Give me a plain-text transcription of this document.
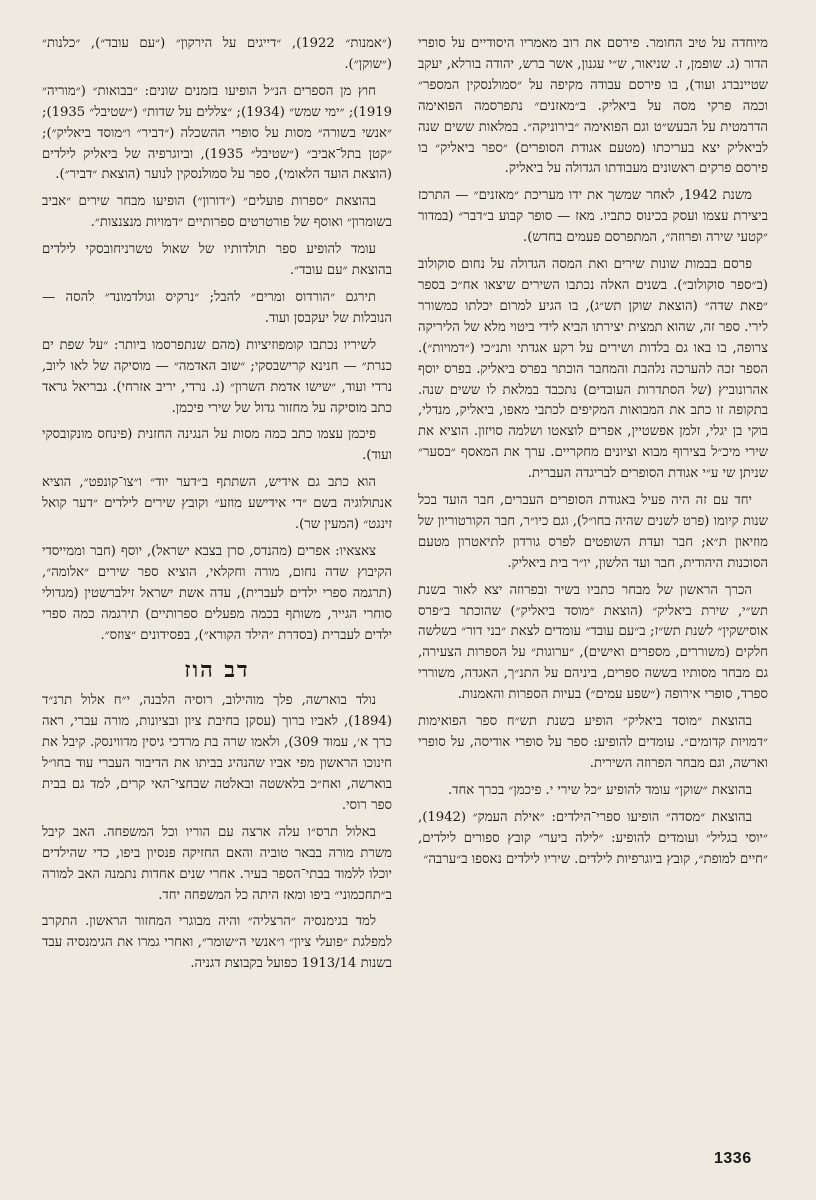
מיוחדה על טיב החומר. פירסם את רוב מאמריו היסודיים על סופרי הדור (ג. שופמן, ז. שניאור, ש״י עגנון, אשר ברש, יהודה בורלא, יעקב שטיינברג ועוד), בו פירסם עבודה מקיפה על ״סמולנסקין המספר״ וכמה פרקי מסה על ביאליק. ב״מאזנים״ נתפרסמה הפואימה הדרמטית על הבעש״ט וגם הפואימה ״בירוניקה״. במלאות ששים שנה לביאליק יצא בעריכתו (מטעם אגודת הסופרים) ״ספר ביאליק״ בו פירסם פרקים ראשונים מעבודתו הגדולה על ביאליק.

משנת 1942, לאחר שמשך את ידו מעריכת ״מאזנים״ — התרכז ביצירת עצמו ועסק בכינוס כתביו. מאז — סופר קבוע ב״דבר״ (במדור ״קטעי שירה ופרוזה״, המתפרסם פעמים בחדש).

פרסם בבמות שונות שירים ואת המסה הגדולה על נחום סוקולוב (ב״ספר סוקולוב״). בשנים האלה נכתבו השירים שיצאו אח״כ בספר ״פאת שדה״ (הוצאת שוקן תש״ג), בו הגיע למרום יכלתו כמשורר לירי. ספר זה, שהוא תמצית יצירתו הביא לידי ביטוי מלא של הליריקה צרופה, בו באו גם בלדות ושירים על רקע אגדתי ותנ״כי (״דמויות״). הספר זכה להערכה נלהבת והמחבר הוכתר בפרס ביאליק. בפרס יוסף אהרונוביץ (של הסתדרות העובדים) נתכבד במלאת לו ששים שנה. בתקופה זו כתב את המבואות המקיפים לכתבי מאפו, ביאליק, מנדלי, בוקי בן יגלי, זלמן אפשטיין, אפרים לוצאטו ושלמה סויזון. הוציא את שירי מיכ״ל בצירוף מבוא וציונים מחקריים. ערך את המאסף ״בסער״ שניתן שי ע״י אגודת הסופרים לבריגדה העברית.

יחד עם זה היה פעיל באגודת הסופרים העברים, חבר הועד בכל שנות קיומו (פרט לשנים שהיה בחו״ל), וגם כיו״ר, חבר הקורטוריון של מוזיאון ת״א; חבר ועדת השופטים לפרס גורדון לתיאטרון מטעם הסוכנות היהודית, חבר ועד הלשון, יו״ר בית ביאליק.

הכרך הראשון של מבחר כתביו בשיר ובפרוזה יצא לאור בשנת תש״י, שירת ביאליק״ (הוצאת ״מוסד ביאליק״) שהוכתר ב״פרס אוסישקין״ לשנת תש״ז; ב״עם עובד״ עומדים לצאת ״בני דור״ בשלשה חלקים (משוררים, מספרים ואישים), ״ערוגות״ על הספרות הצעירה, גם מבחר מסותיו בששה ספרים, ביניהם על התנ״ך, האגדה, משוררי ספרד, סופרי אירופה (״שפע עמים״) בעיות הספרות והאמנות.

בהוצאת ״מוסד ביאליק״ הופיע בשנת תש״ח ספר הפואימות ״דמויות קדומים״. עומדים להופיע: ספר על סופרי אודיסה, על סופרי וארשה, וגם מבחר הפרוזה השירית.

בהוצאת ״שוקן״ עומד להופיע ״כל שירי י. פיכמן״ בכרך אחד.

בהוצאת ״מסדה״ הופיעו ספרי־הילדים: ״אילת העמק״ (1942), ״יוסי בגליל״ ועומדים להופיע: ״לילה ביער״ קובץ ספורים לילדים, ״חיים למופת״, קובץ ביוגרפיות לילדים. שיריו לילדים נאספו ב״ערבה״

(״אמנות״ 1922), ״דייגים על הירקון״ (״עם עובד״), ״כלנות״ (״שוקן״).

חוץ מן הספרים הנ״ל הופיעו בזמנים שונים: ״בבואות״ (״מוריה״ 1919); ״ימי שמש״ (1934); ״צללים על שדות״ (״שטיבל״ 1935); ״אנשי בשורה״ מסות על סופרי ההשכלה (״דביר״ ו״מוסד ביאליק״); ״קטן בתל־אביב״ (״שטיבל״ 1935), וביוגרפיה של ביאליק לילדים (הוצאת הועד הלאומי), ספר על סמולנסקין לנוער (הוצאת ״דביר״).

בהוצאת ״ספרות פועלים״ (״דורון״) הופיעו מבחר שירים ״אביב בשומרון״ ואוסף של פורטרטים ספרותיים ״דמויות מנצנצות״.

עומד להופיע ספר תולדותיו של שאול טשרניחובסקי לילדים בהוצאת ״עם עובד״.

תירגם ״הורדוס ומרים״ להבל; ״נרקיס וגולדמונד״ להסה — הנובלות של יעקבסן ועוד.

לשיריו נכתבו קומפוזיציות (מהם שנתפרסמו ביותר: ״על שפת ים כנרת״ — חנינא קרישבסקי; ״שוב האדמה״ — מוסיקה של לאו ליוב, נרדי ועוד, ״שישו אדמת השרון״ (נ. נרדי, יריב אזרחי). גבריאל גראד כתב מוסיקה על מחזור גדול של שירי פיכמן.

פיכמן עצמו כתב כמה מסות על הנגינה החזנית (פינחס מונקובסקי ועוד).

הוא כתב גם אידיש, השתתף ב״דער יוד״ ו״צו־קונפט״, הוציא אנתולוגיה בשם ״די אידישע מוזע״ וקובץ שירים לילדים ״דער קואל זינגט״ (המעין שר).

צאצאיו: אפרים (מהנדס, סרן בצבא ישראל), יוסף (חבר וממייסדי הקיבוץ שדה נחום, מורה וחקלאי, הוציא ספר שירים ״אלומה״, (תרגמה ספרי ילדים לעברית), עדה אשת ישראל זילברשטין (מגדולי סוחרי הגייר, משותף בכמה מפעלים ספרותיים) תירגמה כמה ספרי ילדים לעברית (בסדרת ״הילד הקורא״), בפסידונים ״צוזס״.

דב הוז

נולד בוארשה, פלך מוהילוב, רוסיה הלבנה, י״ח אלול תרנ״ד (1894), לאביו ברוך (עסקן בחיבת ציון ובציונות, מורה עברי, ראה כרך א׳, עמוד 309), ולאמו שרה בת מרדכי גיסין מדווינסק. קיבל את חינוכו הראשון מפי אביו שהנהיג בביתו את הדיבור העברי עוד בחו״ל בוארשה, ואח״כ בלאשטה ובאלטה שבחצי־האי קרים, למד גם בבית ספר רוסי.

באלול תרס״ו עלה ארצה עם הוריו וכל המשפחה. האב קיבל משרת מורה בבאר טוביה והאם החזיקה פנסיון ביפו, כדי שהילדים יוכלו ללמוד בבתי־הספר בעיר. אחרי שנים אחדות נתמנה האב למורה ב״תחכמוני״ ביפו ומאז היתה כל המשפחה יחד.

למד בגימנסיה ״הרצליה״ והיה מבוגרי המחזור הראשון. התקרב למפלגת ״פועלי ציון״ ו״אנשי ה״שומר״, ואחרי גמרו את הגימנסיה עבד בשנות 1913/14 כפועל בקבוצת דגניה.

1336
